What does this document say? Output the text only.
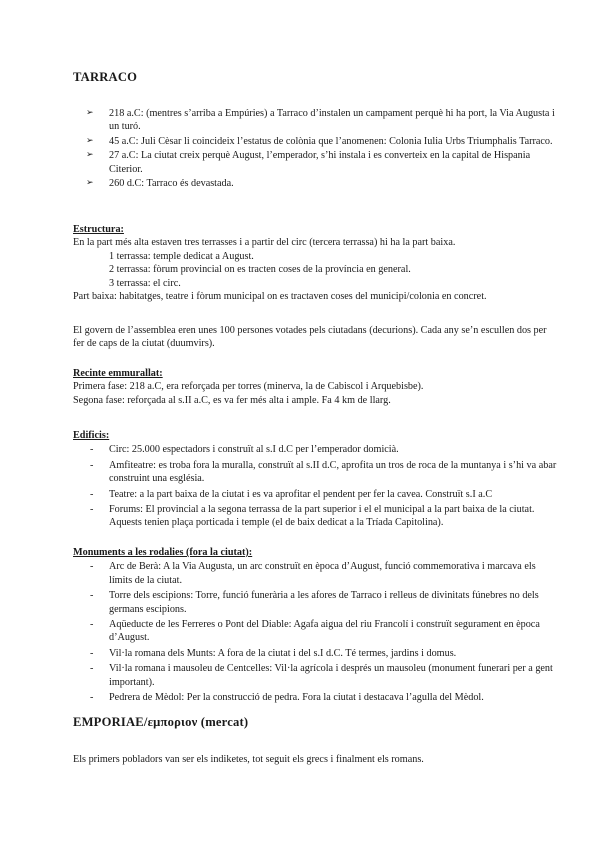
TARRACO
➢ 218 a.C: (mentres s’arriba a Empúries) a Tarraco d’instalen un campament perquè hi ha port, la Via Augusta i un turó.
➢ 45 a.C: Juli Cèsar li coincideix l’estatus de colònia que l’anomenen: Colonia Iulia Urbs Triumphalis Tarraco.
➢ 27 a.C: La ciutat creix perquè August, l’emperador, s’hi instala i es converteix en la capital de Hispania Citerior.
➢ 260 d.C: Tarraco és devastada.
Estructura:
En la part més alta estaven tres terrasses i a partir del circ (tercera terrassa) hi ha la part baixa.
1 terrassa: temple dedicat a August.
2 terrassa: fòrum provincial on es tracten coses de la província en general.
3 terrassa: el circ.
Part baixa: habitatges, teatre i fòrum municipal on es tractaven coses del municipi/colonia en concret.
El govern de l’assemblea eren unes 100 persones votades pels ciutadans (decurions). Cada any se’n escullen dos per fer de caps de la ciutat (duumvirs).
Recinte emmurallat:
Primera fase: 218 a.C, era reforçada per torres (minerva, la de Cabiscol i Arquebisbe).
Segona fase: reforçada al s.II a.C, es va fer més alta i ample. Fa 4 km de llarg.
Edificis:
- Circ: 25.000 espectadors i construït al s.I d.C per l’emperador domicià.
- Amfiteatre: es troba fora la muralla, construït al s.II d.C, aprofita un tros de roca de la muntanya i s’hi va abar construint una església.
- Teatre: a la part baixa de la ciutat i es va aprofitar el pendent per fer la cavea. Construït s.I a.C
- Forums: El provincial a la segona terrassa de la part superior i el el municipal a la part baixa de la ciutat. Aquests tenien plaça porticada i temple (el de baix dedicat a la Tríada Capitolina).
Monuments a les rodalies (fora la ciutat):
- Arc de Berà: A la Via Augusta, un arc construït en època d’August, funció commemorativa i marcava els límits de la ciutat.
- Torre dels escipions: Torre, funció funerària a les afores de Tarraco i relleus de divinitats fúnebres no dels germans escipions.
- Aqüeducte de les Ferreres o Pont del Diable: Agafa aigua del riu Francolí i construït segurament en època d’August.
- Vil·la romana dels Munts: A fora de la ciutat i del s.I d.C. Té termes, jardins i domus.
- Vil·la romana i mausoleu de Centcelles: Vil·la agrícola i després un mausoleu (monument funerari per a gent important).
- Pedrera de Mèdol: Per la construcció de pedra. Fora la ciutat i destacava l’agulla del Mèdol.
EMPORIAE/εμποριον (mercat)
Els primers pobladors van ser els indiketes, tot seguit els grecs i finalment els romans.
